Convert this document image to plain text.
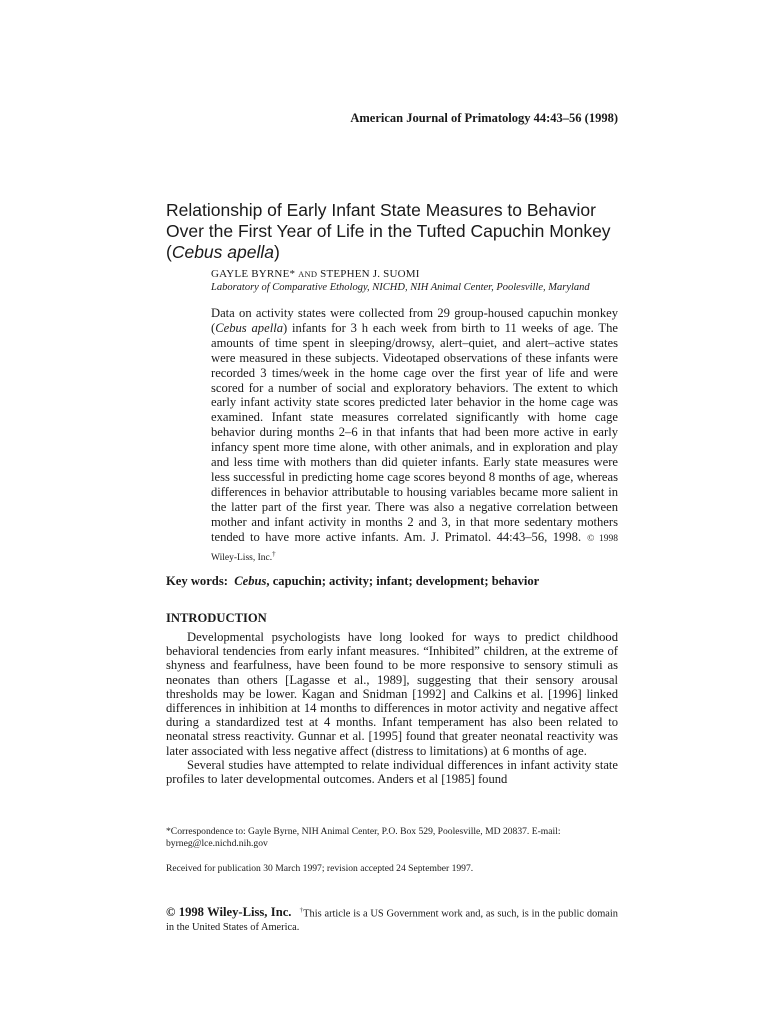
American Journal of Primatology 44:43–56 (1998)
Relationship of Early Infant State Measures to Behavior Over the First Year of Life in the Tufted Capuchin Monkey (Cebus apella)
GAYLE BYRNE* AND STEPHEN J. SUOMI
Laboratory of Comparative Ethology, NICHD, NIH Animal Center, Poolesville, Maryland

Data on activity states were collected from 29 group-housed capuchin monkey (Cebus apella) infants for 3 h each week from birth to 11 weeks of age. The amounts of time spent in sleeping/drowsy, alert–quiet, and alert–active states were measured in these subjects. Videotaped observations of these infants were recorded 3 times/week in the home cage over the first year of life and were scored for a number of social and exploratory behaviors. The extent to which early infant activity state scores predicted later behavior in the home cage was examined. Infant state measures correlated significantly with home cage behavior during months 2–6 in that infants that had been more active in early infancy spent more time alone, with other animals, and in exploration and play and less time with mothers than did quieter infants. Early state measures were less successful in predicting home cage scores beyond 8 months of age, whereas differences in behavior attributable to housing variables became more salient in the latter part of the first year. There was also a negative correlation between mother and infant activity in months 2 and 3, in that more sedentary mothers tended to have more active infants. Am. J. Primatol. 44:43–56, 1998. © 1998 Wiley-Liss, Inc.†

Key words: Cebus, capuchin; activity; infant; development; behavior
INTRODUCTION

Developmental psychologists have long looked for ways to predict childhood behavioral tendencies from early infant measures. “Inhibited” children, at the extreme of shyness and fearfulness, have been found to be more responsive to sensory stimuli as neonates than others [Lagasse et al., 1989], suggesting that their sensory arousal thresholds may be lower. Kagan and Snidman [1992] and Calkins et al. [1996] linked differences in inhibition at 14 months to differences in motor activity and negative affect during a standardized test at 4 months. Infant temperament has also been related to neonatal stress reactivity. Gunnar et al. [1995] found that greater neonatal reactivity was later associated with less negative affect (distress to limitations) at 6 months of age.

Several studies have attempted to relate individual differences in infant activity state profiles to later developmental outcomes. Anders et al [1985] found

*Correspondence to: Gayle Byrne, NIH Animal Center, P.O. Box 529, Poolesville, MD 20837. E-mail: byrneg@lce.nichd.nih.gov

Received for publication 30 March 1997; revision accepted 24 September 1997.

© 1998 Wiley-Liss, Inc. †This article is a US Government work and, as such, is in the public domain in the United States of America.
